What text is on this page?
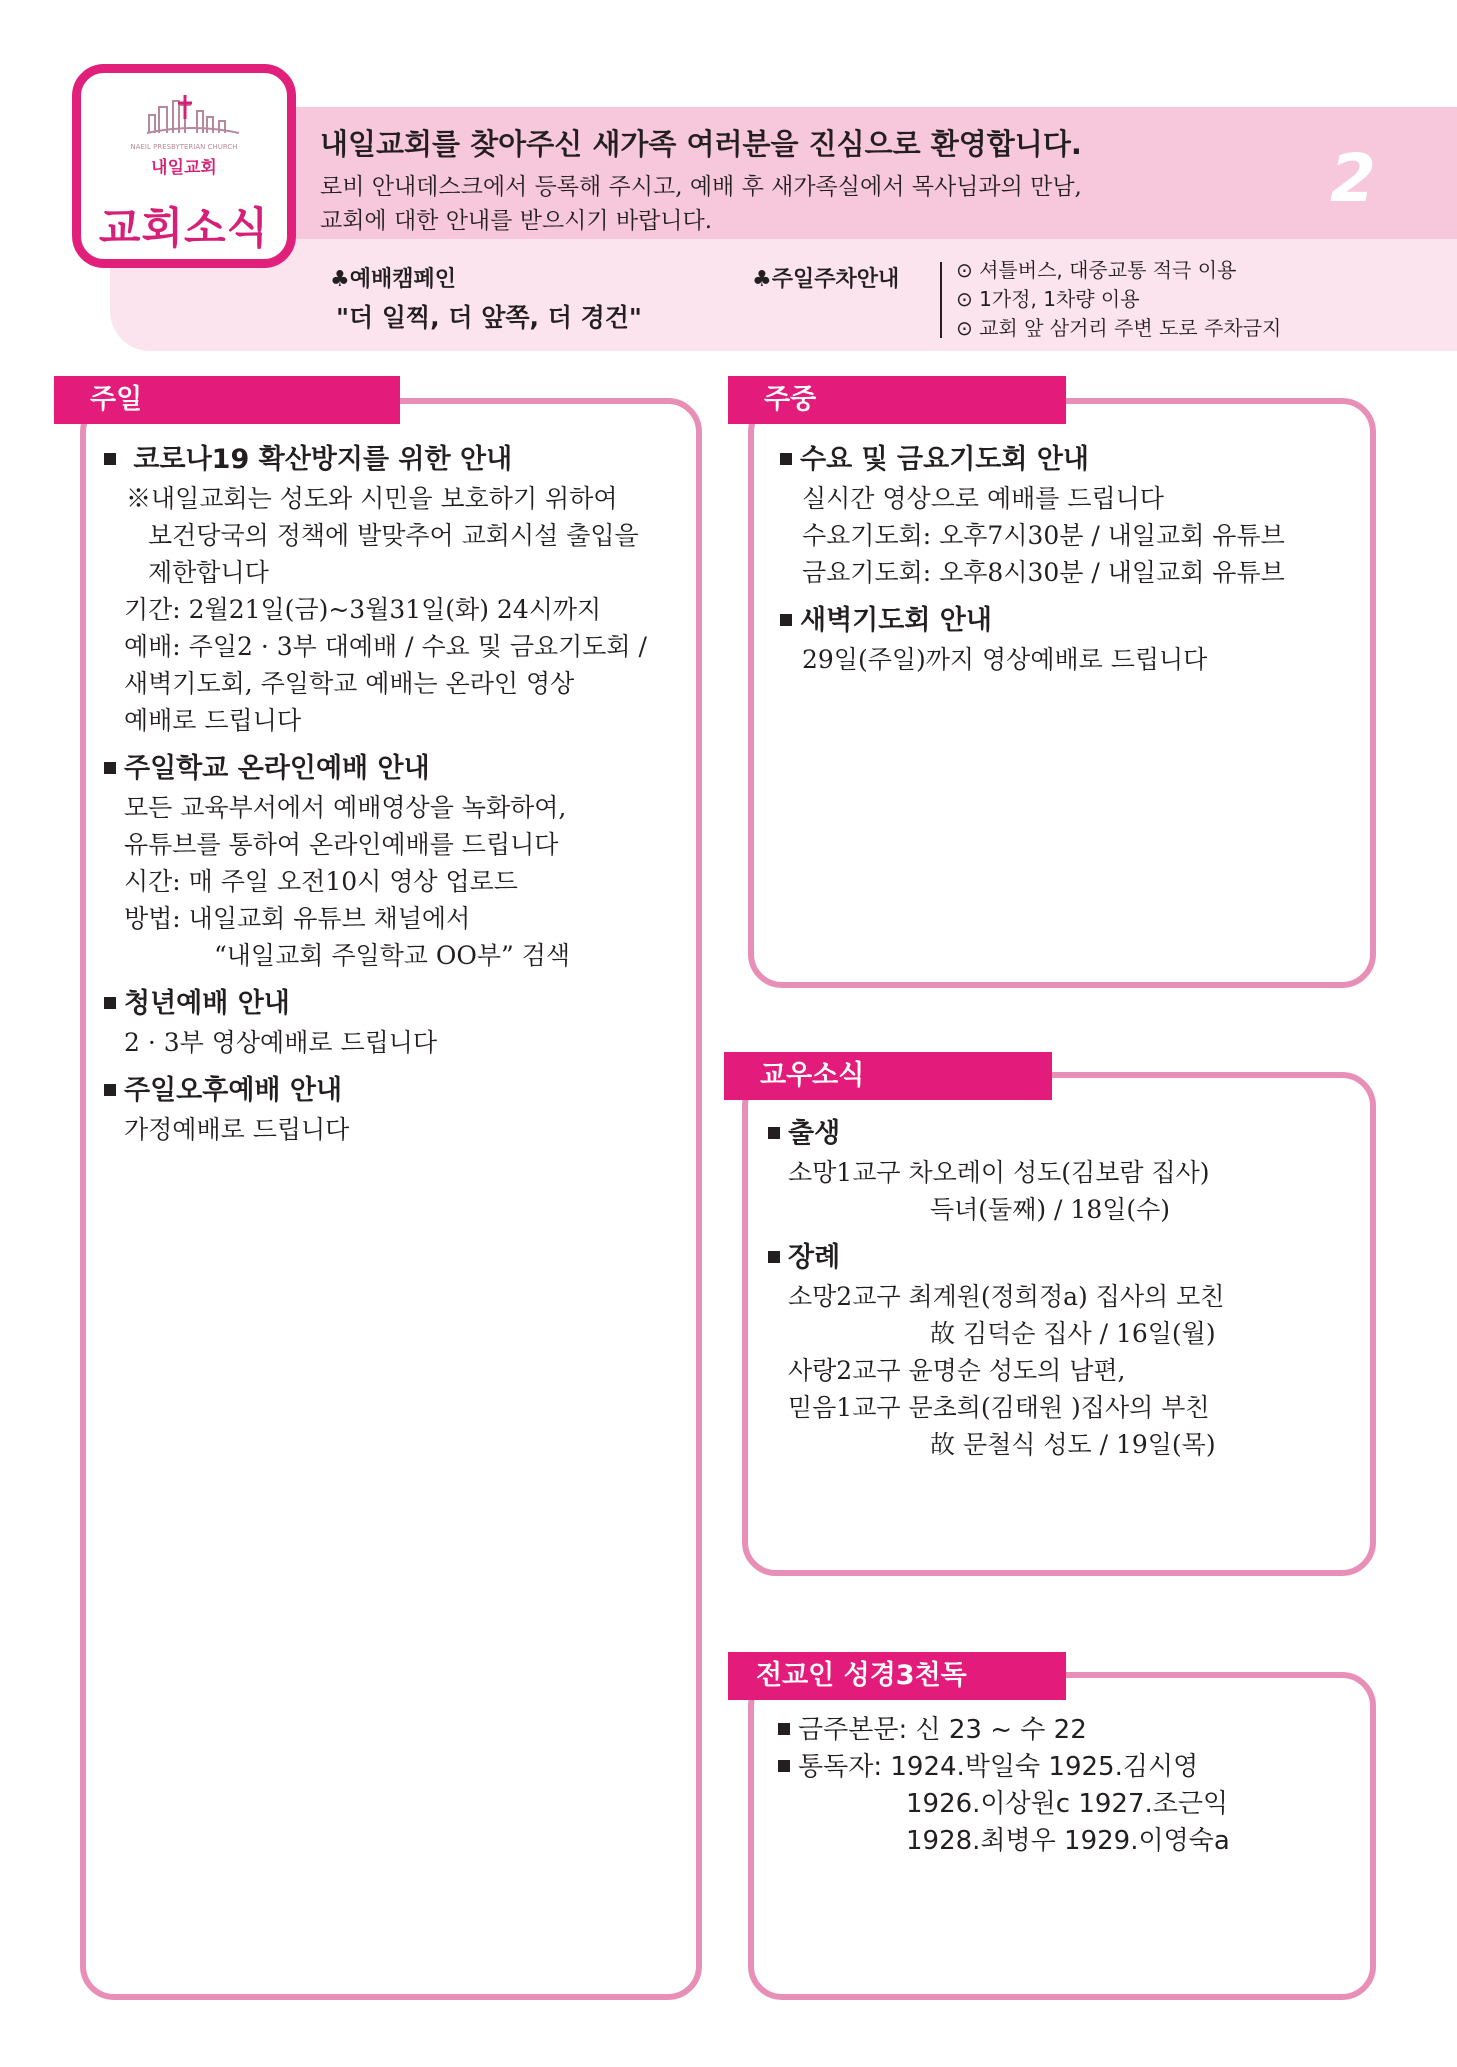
NAEIL PRESBYTERIAN CHURCH
내일교회
교회소식
내일교회를 찾아주신 새가족 여러분을 진심으로 환영합니다.
로비 안내데스크에서 등록해 주시고, 예배 후 새가족실에서 목사님과의 만남,
교회에 대한 안내를 받으시기 바랍니다.
2
♣예배캠페인
"더 일찍, 더 앞쪽, 더 경건"
♣주일주차안내	⊙ 셔틀버스, 대중교통 적극 이용
⊙ 1가정, 1차량 이용
⊙ 교회 앞 삼거리 주변 도로 주차금지
주일
코로나19 확산방지를 위한 안내
※내일교회는 성도와 시민을 보호하기 위하여
보건당국의 정책에 발맞추어 교회시설 출입을
제한합니다
기간: 2월21일(금)~3월31일(화) 24시까지
예배: 주일2 · 3부 대예배 / 수요 및 금요기도회 /
새벽기도회, 주일학교 예배는 온라인 영상
예배로 드립니다
주일학교 온라인예배 안내
모든 교육부서에서 예배영상을 녹화하여,
유튜브를 통하여 온라인예배를 드립니다
시간: 매 주일 오전10시 영상 업로드
방법: 내일교회 유튜브 채널에서
“내일교회 주일학교 OO부” 검색
청년예배 안내
2 · 3부 영상예배로 드립니다
주일오후예배 안내
가정예배로 드립니다
주중
수요 및 금요기도회 안내
실시간 영상으로 예배를 드립니다
수요기도회: 오후7시30분 / 내일교회 유튜브
금요기도회: 오후8시30분 / 내일교회 유튜브
새벽기도회 안내
29일(주일)까지 영상예배로 드립니다
교우소식
출생
소망1교구 차오레이 성도(김보람 집사)
득녀(둘째) / 18일(수)
장례
소망2교구 최계원(정희정a) 집사의 모친
故 김덕순 집사 / 16일(월)
사랑2교구 윤명순 성도의 남편,
믿음1교구 문초희(김태원 )집사의 부친
故 문철식 성도 / 19일(목)
전교인 성경3천독
금주본문: 신 23 ~ 수 22
통독자: 1924.박일숙 1925.김시영
1926.이상원c 1927.조근익
1928.최병우 1929.이영숙a
